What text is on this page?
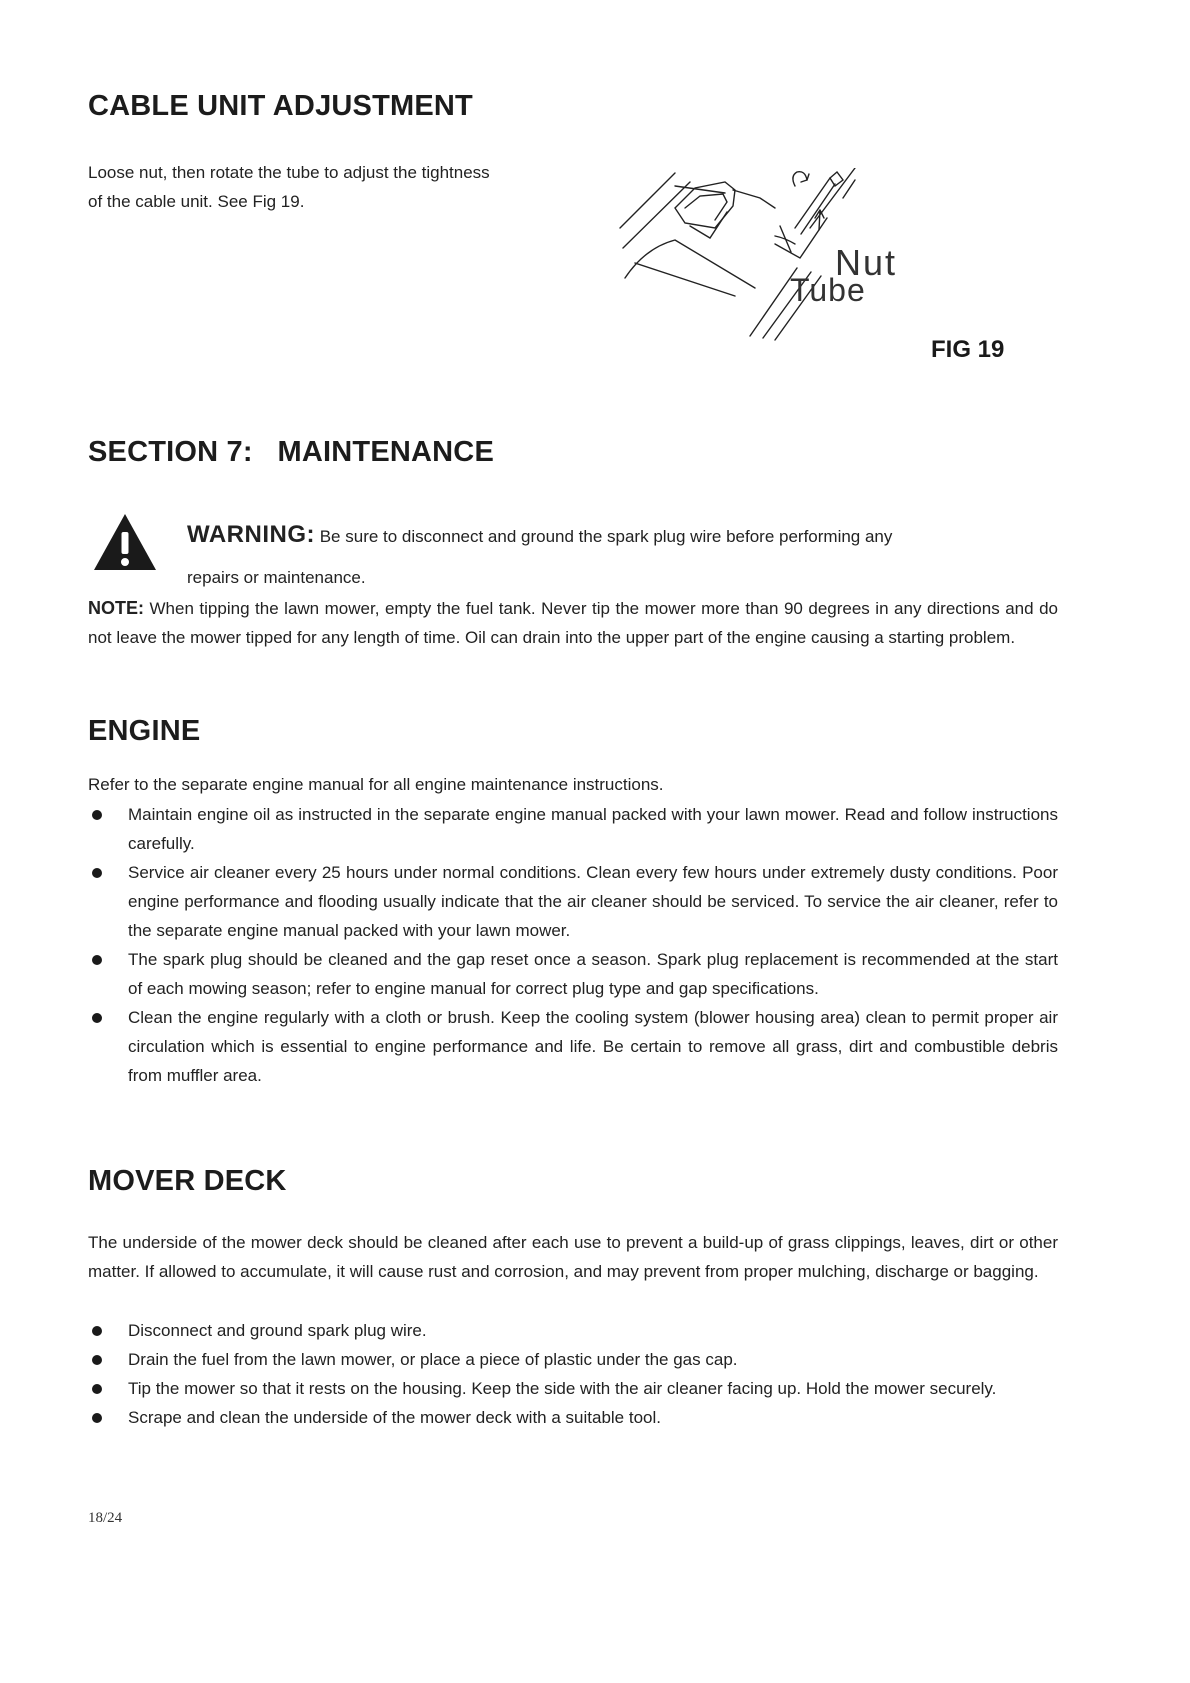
CABLE UNIT ADJUSTMENT
Loose nut, then rotate the tube to adjust the tightness
of the cable unit. See Fig 19.
Nut
Tube
FIG 19
SECTION 7:   MAINTENANCE
WARNING: Be sure to disconnect and ground the spark plug wire before performing any
repairs or maintenance.
NOTE: When tipping the lawn mower, empty the fuel tank. Never tip the mower more than 90 degrees in any directions and do not leave the mower tipped for any length of time. Oil can drain into the upper part of the engine causing a starting problem.
ENGINE
Refer to the separate engine manual for all engine maintenance instructions.
Maintain engine oil as instructed in the separate engine manual packed with your lawn mower. Read and follow instructions carefully.
Service air cleaner every 25 hours under normal conditions. Clean every few hours under extremely dusty conditions. Poor engine performance and flooding usually indicate that the air cleaner should be serviced. To service the air cleaner, refer to the separate engine manual packed with your lawn mower.
The spark plug should be cleaned and the gap reset once a season. Spark plug replacement is recommended at the start of each mowing season; refer to engine manual for correct plug type and gap specifications.
Clean the engine regularly with a cloth or brush. Keep the cooling system (blower housing area) clean to permit proper air circulation which is essential to engine performance and life. Be certain to remove all grass, dirt and combustible debris from muffler area.
MOVER DECK
The underside of the mower deck should be cleaned after each use to prevent a build-up of grass clippings, leaves, dirt or other matter. If allowed to accumulate, it will cause rust and corrosion, and may prevent from proper mulching, discharge or bagging.
Disconnect and ground spark plug wire.
Drain the fuel from the lawn mower, or place a piece of plastic under the gas cap.
Tip the mower so that it rests on the housing. Keep the side with the air cleaner facing up. Hold the mower securely.
Scrape and clean the underside of the mower deck with a suitable tool.
18/24
